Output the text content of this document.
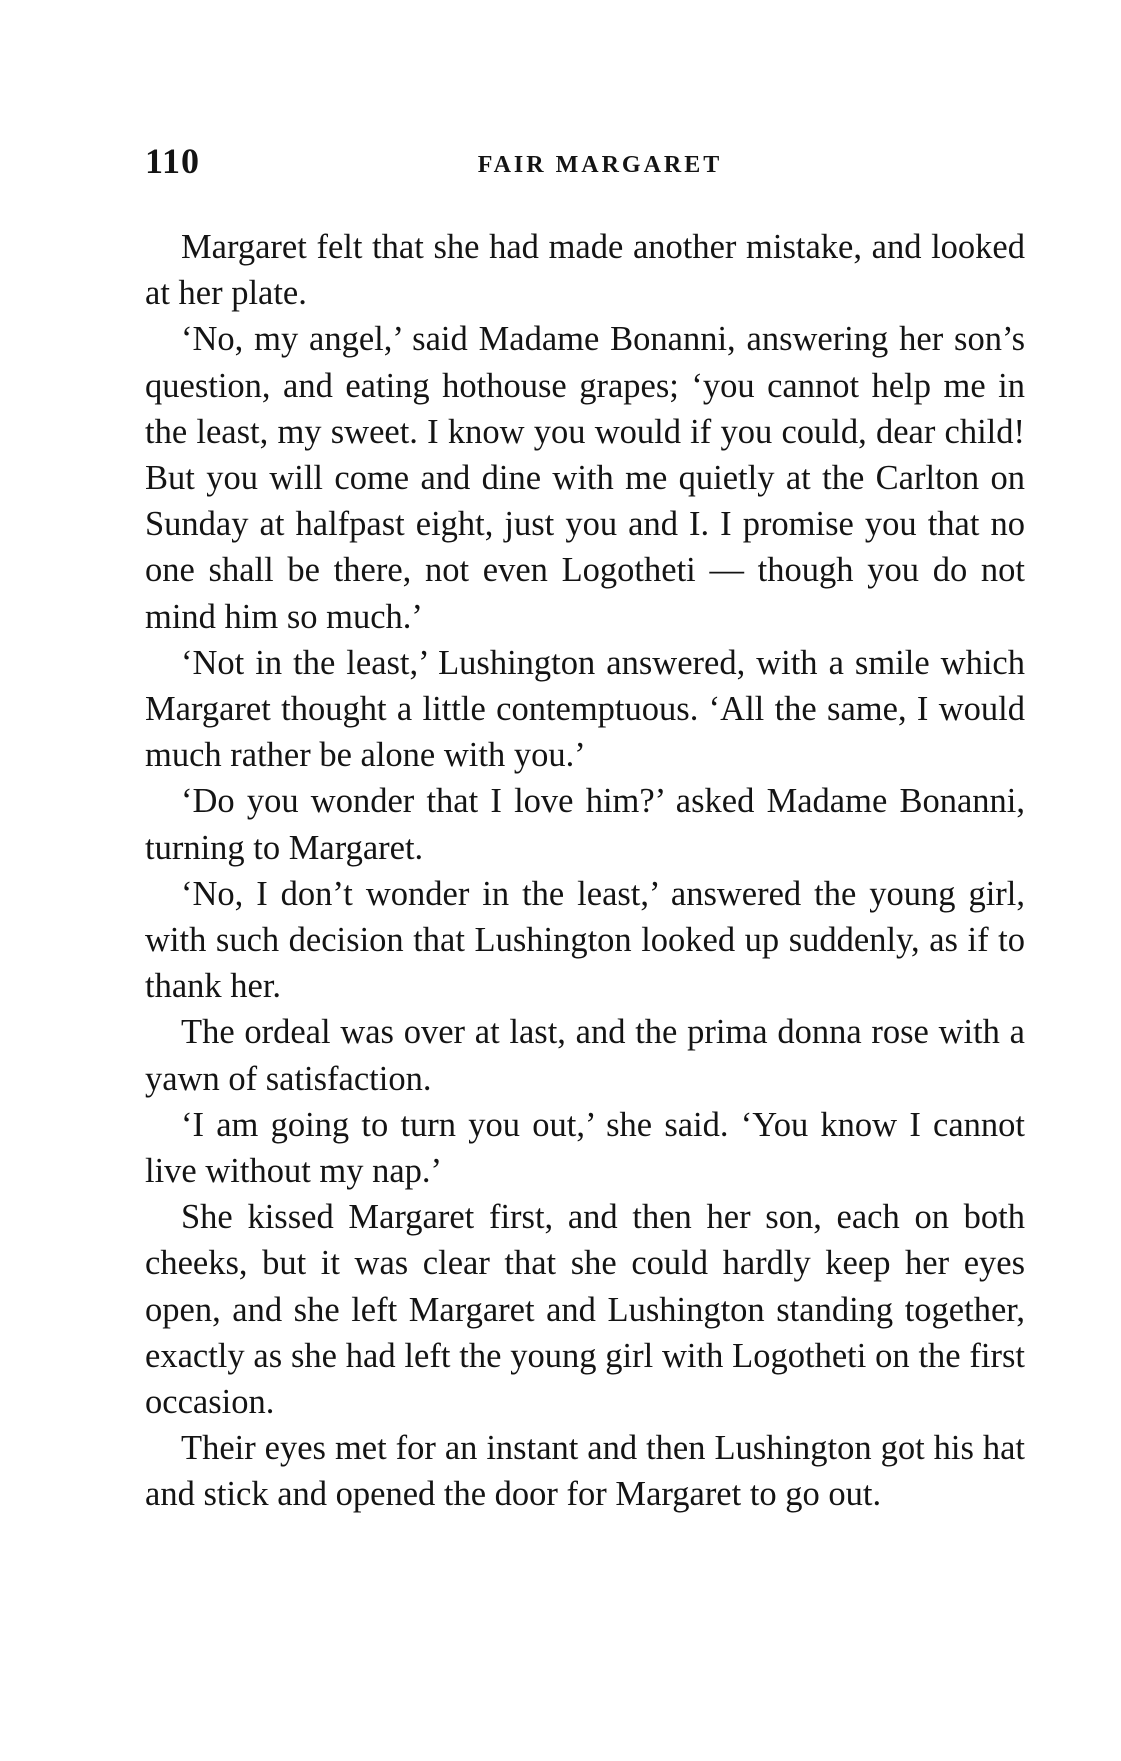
110	FAIR MARGARET

Margaret felt that she had made another mistake, and looked at her plate.

‘No, my angel,’ said Madame Bonanni, answering her son’s question, and eating hothouse grapes; ‘you cannot help me in the least, my sweet. I know you would if you could, dear child! But you will come and dine with me quietly at the Carlton on Sunday at halfpast eight, just you and I. I promise you that no one shall be there, not even Logotheti — though you do not mind him so much.’

‘Not in the least,’ Lushington answered, with a smile which Margaret thought a little contemptuous. ‘All the same, I would much rather be alone with you.’

‘Do you wonder that I love him?’ asked Madame Bonanni, turning to Margaret.

‘No, I don’t wonder in the least,’ answered the young girl, with such decision that Lushington looked up suddenly, as if to thank her.

The ordeal was over at last, and the prima donna rose with a yawn of satisfaction.

‘I am going to turn you out,’ she said. ‘You know I cannot live without my nap.’

She kissed Margaret first, and then her son, each on both cheeks, but it was clear that she could hardly keep her eyes open, and she left Margaret and Lushington standing together, exactly as she had left the young girl with Logotheti on the first occasion.

Their eyes met for an instant and then Lushington got his hat and stick and opened the door for Margaret to go out.
